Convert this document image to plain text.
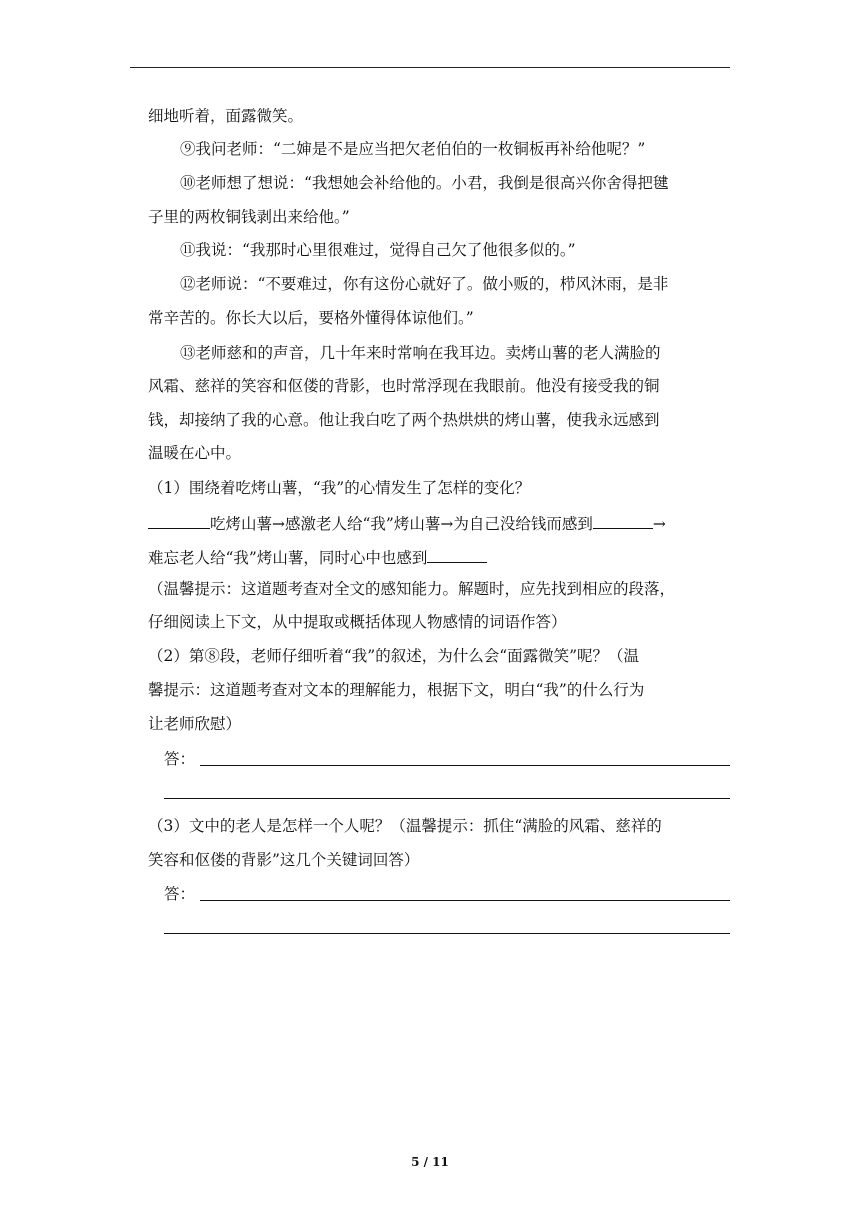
细地听着，面露微笑。
⑨我问老师：“二婶是不是应当把欠老伯伯的一枚铜板再补给他呢？”
⑩老师想了想说：“我想她会补给他的。小君，我倒是很高兴你舍得把毽
子里的两枚铜钱剥出来给他。”
⑪我说：“我那时心里很难过，觉得自己欠了他很多似的。”
⑫老师说：“不要难过，你有这份心就好了。做小贩的，栉风沐雨，是非
常辛苦的。你长大以后，要格外懂得体谅他们。”
⑬老师慈和的声音，几十年来时常响在我耳边。卖烤山薯的老人满脸的
风霜、慈祥的笑容和伛偻的背影，也时常浮现在我眼前。他没有接受我的铜
钱，却接纳了我的心意。他让我白吃了两个热烘烘的烤山薯，使我永远感到
温暖在心中。
（1）围绕着吃烤山薯，“我”的心情发生了怎样的变化？
吃烤山薯→感激老人给“我”烤山薯→为自己没给钱而感到	→
难忘老人给“我”烤山薯，同时心中也感到
（温馨提示：这道题考查对全文的感知能力。解题时，应先找到相应的段落，
仔细阅读上下文，从中提取或概括体现人物感情的词语作答）
（2）第⑧段，老师仔细听着“我”的叙述，为什么会“面露微笑”呢？（温
馨提示：这道题考查对文本的理解能力，根据下文，明白“我”的什么行为
让老师欣慰）
答：
（3）文中的老人是怎样一个人呢？（温馨提示：抓住“满脸的风霜、慈祥的
笑容和伛偻的背影”这几个关键词回答）
答：
5 / 11
